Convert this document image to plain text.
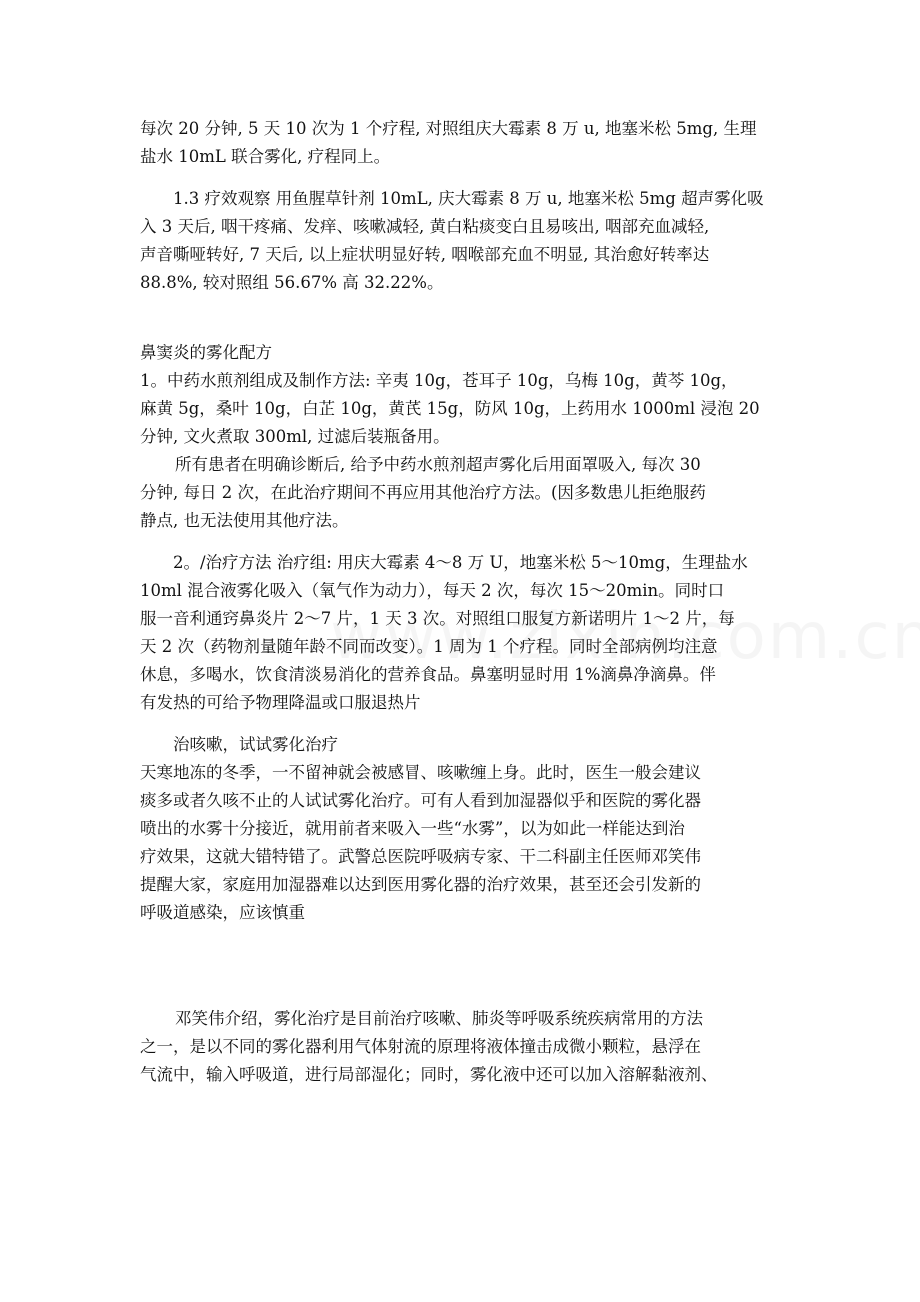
每次 20 分钟, 5 天 10 次为 1 个疗程, 对照组庆大霉素 8 万 u, 地塞米松 5mg, 生理
盐水 10mL 联合雾化, 疗程同上。
1.3 疗效观察 用鱼腥草针剂 10mL, 庆大霉素 8 万 u, 地塞米松 5mg 超声雾化吸
入 3 天后, 咽干疼痛、发痒、咳嗽减轻, 黄白粘痰变白且易咳出, 咽部充血减轻,
声音嘶哑转好, 7 天后, 以上症状明显好转, 咽喉部充血不明显, 其治愈好转率达
88.8%, 较对照组 56.67% 高 32.22%。
鼻窦炎的雾化配方
1。中药水煎剂组成及制作方法: 辛夷 10g，苍耳子 10g，乌梅 10g，黄芩 10g，
麻黄 5g，桑叶 10g，白芷 10g，黄芪 15g，防风 10g，上药用水 1000ml 浸泡 20
分钟, 文火煮取 300ml, 过滤后装瓶备用。
所有患者在明确诊断后, 给予中药水煎剂超声雾化后用面罩吸入, 每次 30
分钟, 每日 2 次，在此治疗期间不再应用其他治疗方法。(因多数患儿拒绝服药
静点, 也无法使用其他疗法。
2。/治疗方法 治疗组: 用庆大霉素 4～8 万 U，地塞米松 5～10mg，生理盐水
10ml 混合液雾化吸入（氧气作为动力），每天 2 次，每次 15～20min。同时口
服一音利通窍鼻炎片 2～7 片，1 天 3 次。对照组口服复方新诺明片 1～2 片，每
天 2 次（药物剂量随年龄不同而改变）。1 周为 1 个疗程。同时全部病例均注意
休息，多喝水，饮食清淡易消化的营养食品。鼻塞明显时用 1%滴鼻净滴鼻。伴
有发热的可给予物理降温或口服退热片
治咳嗽，试试雾化治疗
天寒地冻的冬季，一不留神就会被感冒、咳嗽缠上身。此时，医生一般会建议
痰多或者久咳不止的人试试雾化治疗。可有人看到加湿器似乎和医院的雾化器
喷出的水雾十分接近，就用前者来吸入一些“水雾”，以为如此一样能达到治
疗效果，这就大错特错了。武警总医院呼吸病专家、干二科副主任医师邓笑伟
提醒大家，家庭用加湿器难以达到医用雾化器的治疗效果，甚至还会引发新的
呼吸道感染，应该慎重
邓笑伟介绍，雾化治疗是目前治疗咳嗽、肺炎等呼吸系统疾病常用的方法
之一，是以不同的雾化器利用气体射流的原理将液体撞击成微小颗粒，悬浮在
气流中，输入呼吸道，进行局部湿化；同时，雾化液中还可以加入溶解黏液剂、
